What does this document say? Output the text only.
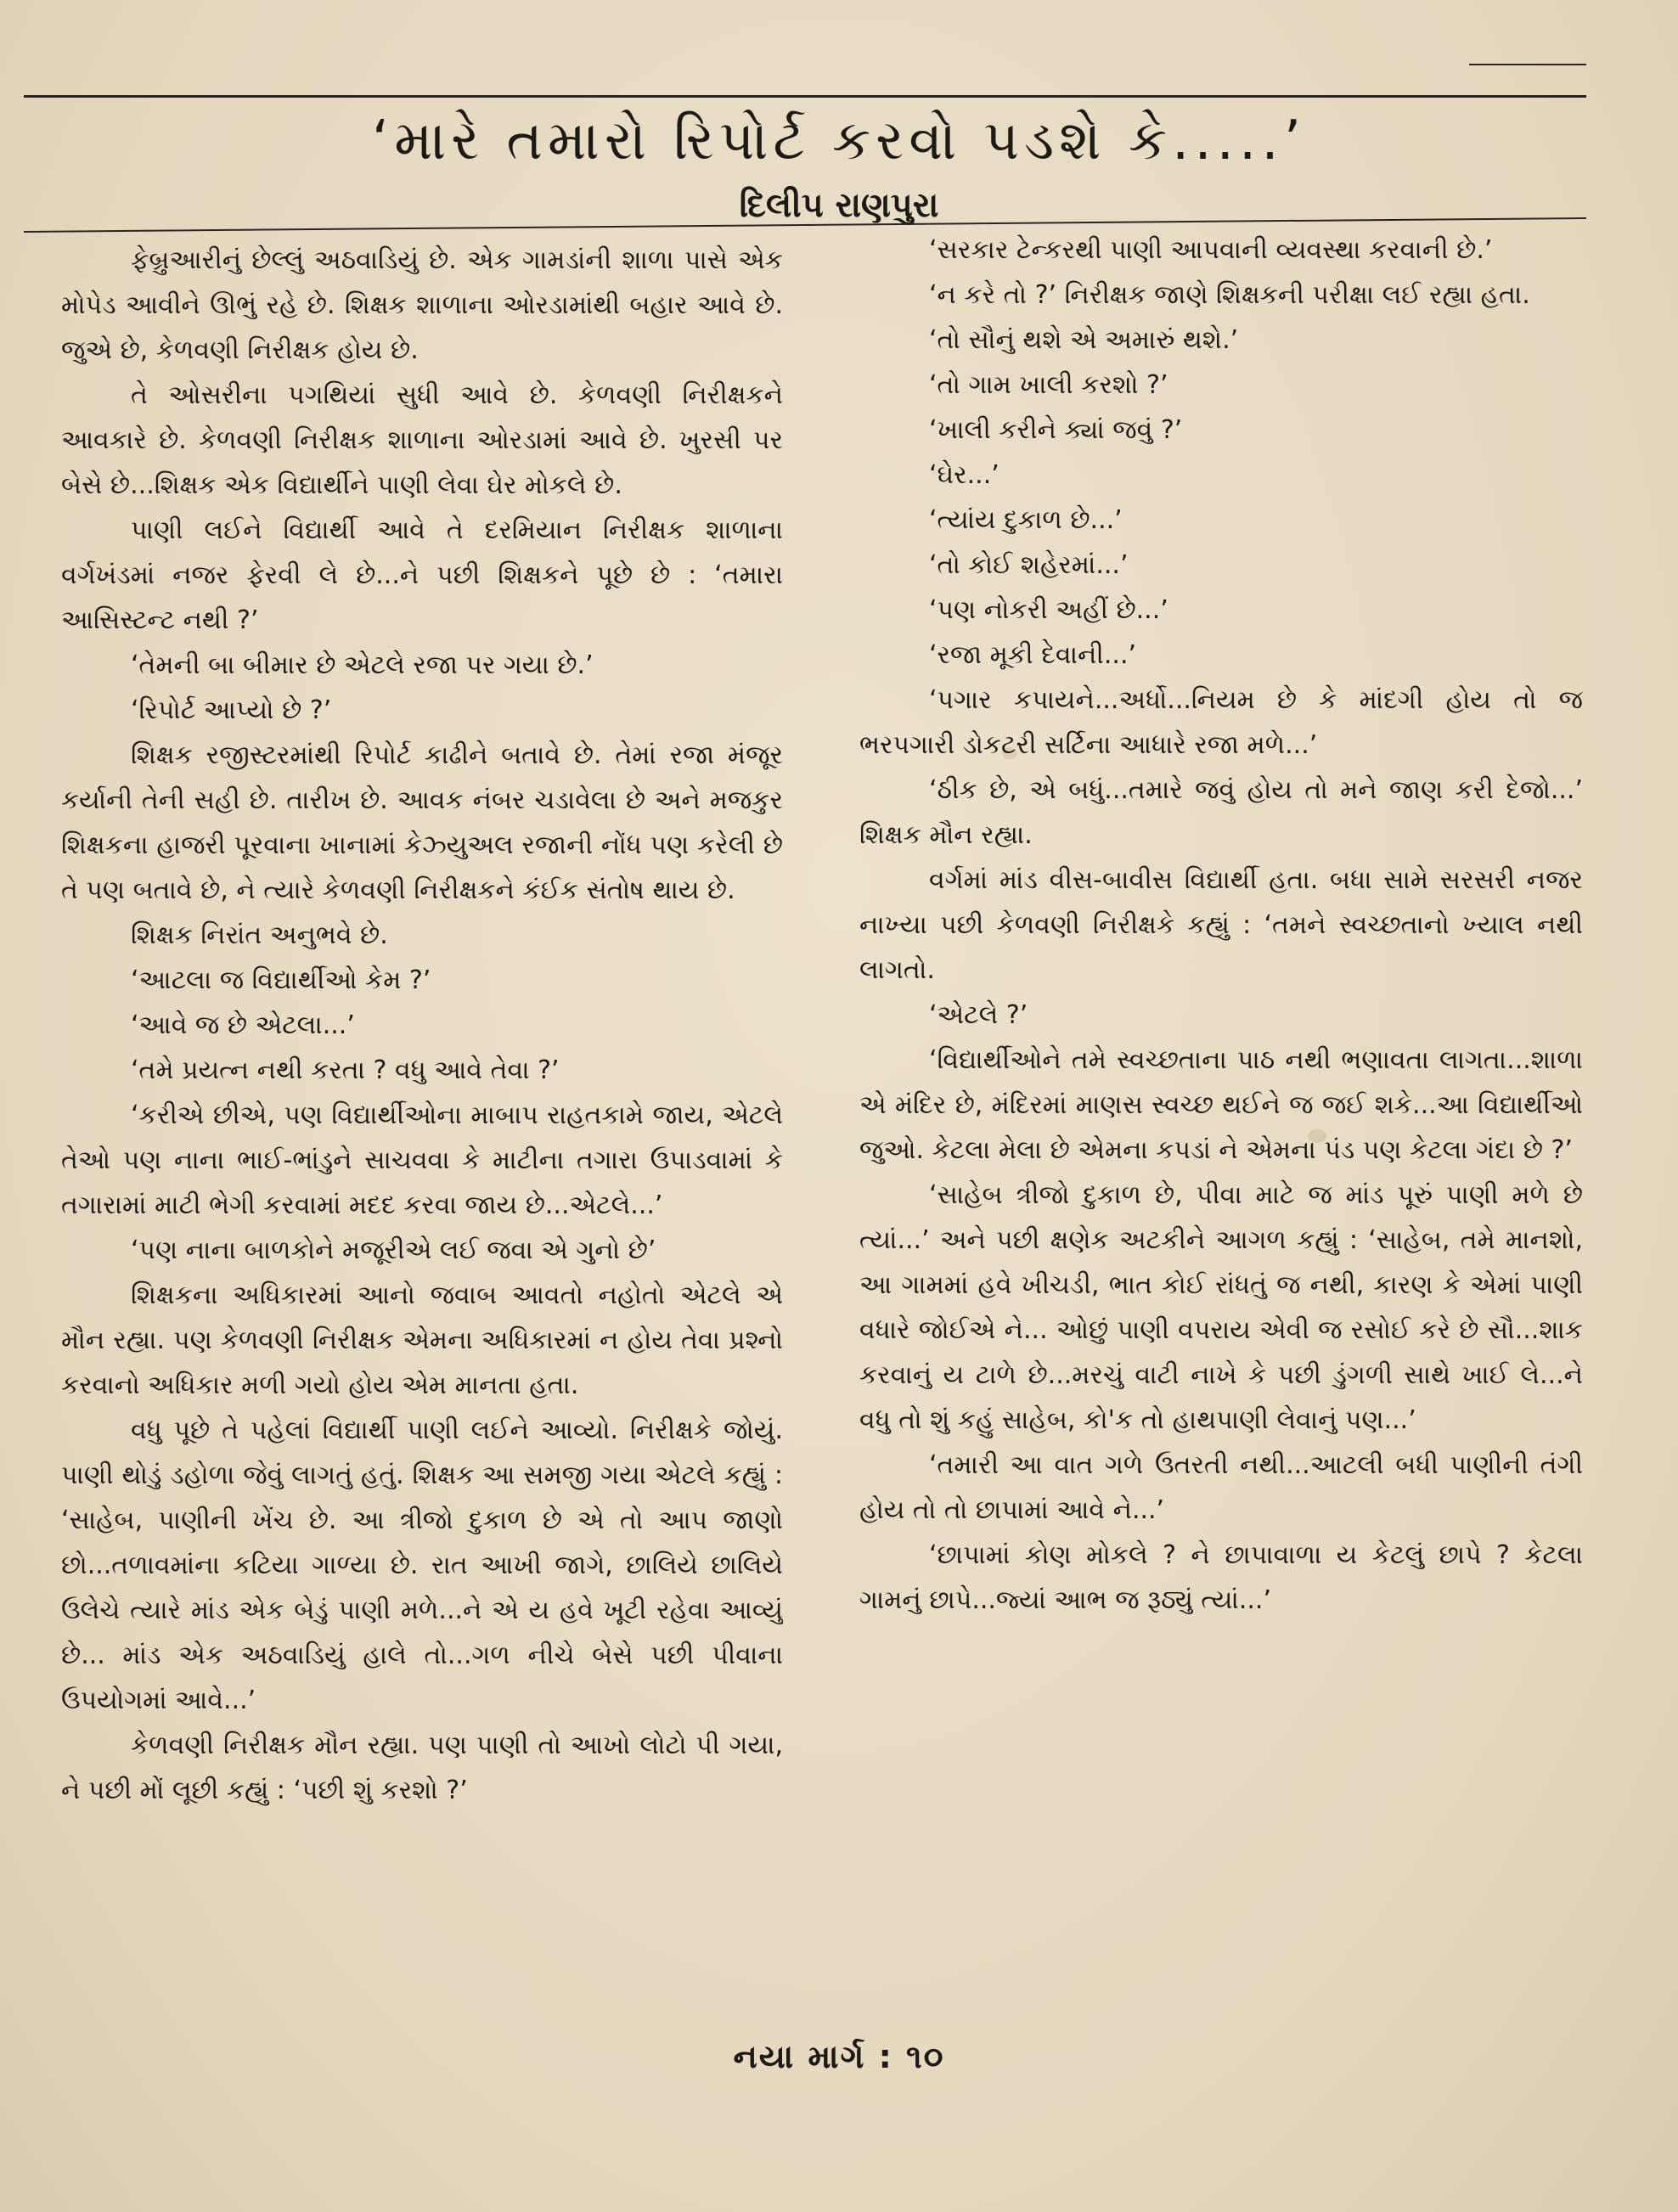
‘મારે તમારો રિપોર્ટ કરવો પડશે કે.....’
દિલીપ રાણપુરા

ફેબ્રુઆરીનું છેલ્લું અઠવાડિયું છે. એક ગામડાંની શાળા પાસે એક મોપેડ આવીને ઊભું રહે છે. શિક્ષક શાળાના ઓરડામાંથી બહાર આવે છે. જુએ છે, કેળવણી નિરીક્ષક હોય છે.

તે ઓસરીના પગથિયાં સુધી આવે છે. કેળવણી નિરીક્ષકને આવકારે છે. કેળવણી નિરીક્ષક શાળાના ઓરડામાં આવે છે. ખુરસી પર બેસે છે...શિક્ષક એક વિદ્યાર્થીને પાણી લેવા ઘેર મોકલે છે.

પાણી લઈને વિદ્યાર્થી આવે તે દરમિયાન નિરીક્ષક શાળાના વર્ગખંડમાં નજર ફેરવી લે છે...ને પછી શિક્ષકને પૂછે છે : ‘તમારા આસિસ્ટન્ટ નથી ?’

‘તેમની બા બીમાર છે એટલે રજા પર ગયા છે.’

‘રિપોર્ટ આપ્યો છે ?’

શિક્ષક રજીસ્ટરમાંથી રિપોર્ટ કાઢીને બતાવે છે. તેમાં રજા મંજૂર કર્યાની તેની સહી છે. તારીખ છે. આવક નંબર ચડાવેલા છે અને મજકુર શિક્ષકના હાજરી પૂરવાના ખાનામાં કેઝ્યુઅલ રજાની નોંધ પણ કરેલી છે તે પણ બતાવે છે, ને ત્યારે કેળવણી નિરીક્ષકને કંઈક સંતોષ થાય છે.

શિક્ષક નિરાંત અનુભવે છે.

‘આટલા જ વિદ્યાર્થીઓ કેમ ?’

‘આવે જ છે એટલા...’

‘તમે પ્રયત્ન નથી કરતા ? વધુ આવે તેવા ?’

‘કરીએ છીએ, પણ વિદ્યાર્થીઓના માબાપ રાહતકામે જાય, એટલે તેઓ પણ નાના ભાઈ-ભાંડુને સાચવવા કે માટીના તગારા ઉપાડવામાં કે તગારામાં માટી ભેગી કરવામાં મદદ કરવા જાય છે...એટલે...’

‘પણ નાના બાળકોને મજૂરીએ લઈ જવા એ ગુનો છે’

શિક્ષકના અધિકારમાં આનો જવાબ આવતો નહોતો એટલે એ મૌન રહ્યા. પણ કેળવણી નિરીક્ષક એમના અધિકારમાં ન હોય તેવા પ્રશ્નો કરવાનો અધિકાર મળી ગયો હોય એમ માનતા હતા.

વધુ પૂછે તે પહેલાં વિદ્યાર્થી પાણી લઈને આવ્યો. નિરીક્ષકે જોયું. પાણી થોડું ડહોળા જેવું લાગતું હતું. શિક્ષક આ સમજી ગયા એટલે કહ્યું : ‘સાહેબ, પાણીની ખેંચ છે. આ ત્રીજો દુકાળ છે એ તો આપ જાણો છો...તળાવમાંના કટિયા ગાળ્યા છે. રાત આખી જાગે, છાલિયે છાલિયે ઉલેચે ત્યારે માંડ એક બેડું પાણી મળે...ને એ ય હવે ખૂટી રહેવા આવ્યું છે... માંડ એક અઠવાડિયું હાલે તો...ગળ નીચે બેસે પછી પીવાના ઉપયોગમાં આવે...’

કેળવણી નિરીક્ષક મૌન રહ્યા. પણ પાણી તો આખો લોટો પી ગયા, ને પછી મોં લૂછી કહ્યું : ‘પછી શું કરશો ?’

‘સરકાર ટેન્કરથી પાણી આપવાની વ્યવસ્થા કરવાની છે.’

‘ન કરે તો ?’ નિરીક્ષક જાણે શિક્ષકની પરીક્ષા લઈ રહ્યા હતા.

‘તો સૌનું થશે એ અમારું થશે.’

‘તો ગામ ખાલી કરશો ?’

‘ખાલી કરીને ક્યાં જવું ?’

‘ઘેર...’

‘ત્યાંય દુકાળ છે...’

‘તો કોઈ શહેરમાં...’

‘પણ નોકરી અહીં છે...’

‘રજા મૂકી દેવાની...’

‘પગાર કપાયને...અર્ધો...નિયમ છે કે માંદગી હોય તો જ ભરપગારી ડોકટરી સર્ટિના આધારે રજા મળે...’

‘ઠીક છે, એ બધું...તમારે જવું હોય તો મને જાણ કરી દેજો...’ શિક્ષક મૌન રહ્યા.

વર્ગમાં માંડ વીસ-બાવીસ વિદ્યાર્થી હતા. બધા સામે સરસરી નજર નાખ્યા પછી કેળવણી નિરીક્ષકે કહ્યું : ‘તમને સ્વચ્છતાનો ખ્યાલ નથી લાગતો.

‘એટલે ?’

‘વિદ્યાર્થીઓને તમે સ્વચ્છતાના પાઠ નથી ભણાવતા લાગતા...શાળા એ મંદિર છે, મંદિરમાં માણસ સ્વચ્છ થઈને જ જઈ શકે...આ વિદ્યાર્થીઓ જુઓ. કેટલા મેલા છે એમના કપડાં ને એમના પંડ પણ કેટલા ગંદા છે ?’

‘સાહેબ ત્રીજો દુકાળ છે, પીવા માટે જ માંડ પૂરું પાણી મળે છે ત્યાં...’ અને પછી ક્ષણેક અટકીને આગળ કહ્યું : ‘સાહેબ, તમે માનશો, આ ગામમાં હવે ખીચડી, ભાત કોઈ રાંધતું જ નથી, કારણ કે એમાં પાણી વધારે જોઈએ ને... ઓછું પાણી વપરાય એવી જ રસોઈ કરે છે સૌ...શાક કરવાનું ય ટાળે છે...મરચું વાટી નાખે કે પછી ડુંગળી સાથે ખાઈ લે...ને વધુ તો શું કહું સાહેબ, કો'ક તો હાથપાણી લેવાનું પણ...’

‘તમારી આ વાત ગળે ઉતરતી નથી...આટલી બધી પાણીની તંગી હોય તો તો છાપામાં આવે ને...’

‘છાપામાં કોણ મોકલે ? ને છાપાવાળા ય કેટલું છાપે ? કેટલા ગામનું છાપે...જ્યાં આભ જ રૂઠ્યું ત્યાં...’

નયા માર્ગ : ૧૦
